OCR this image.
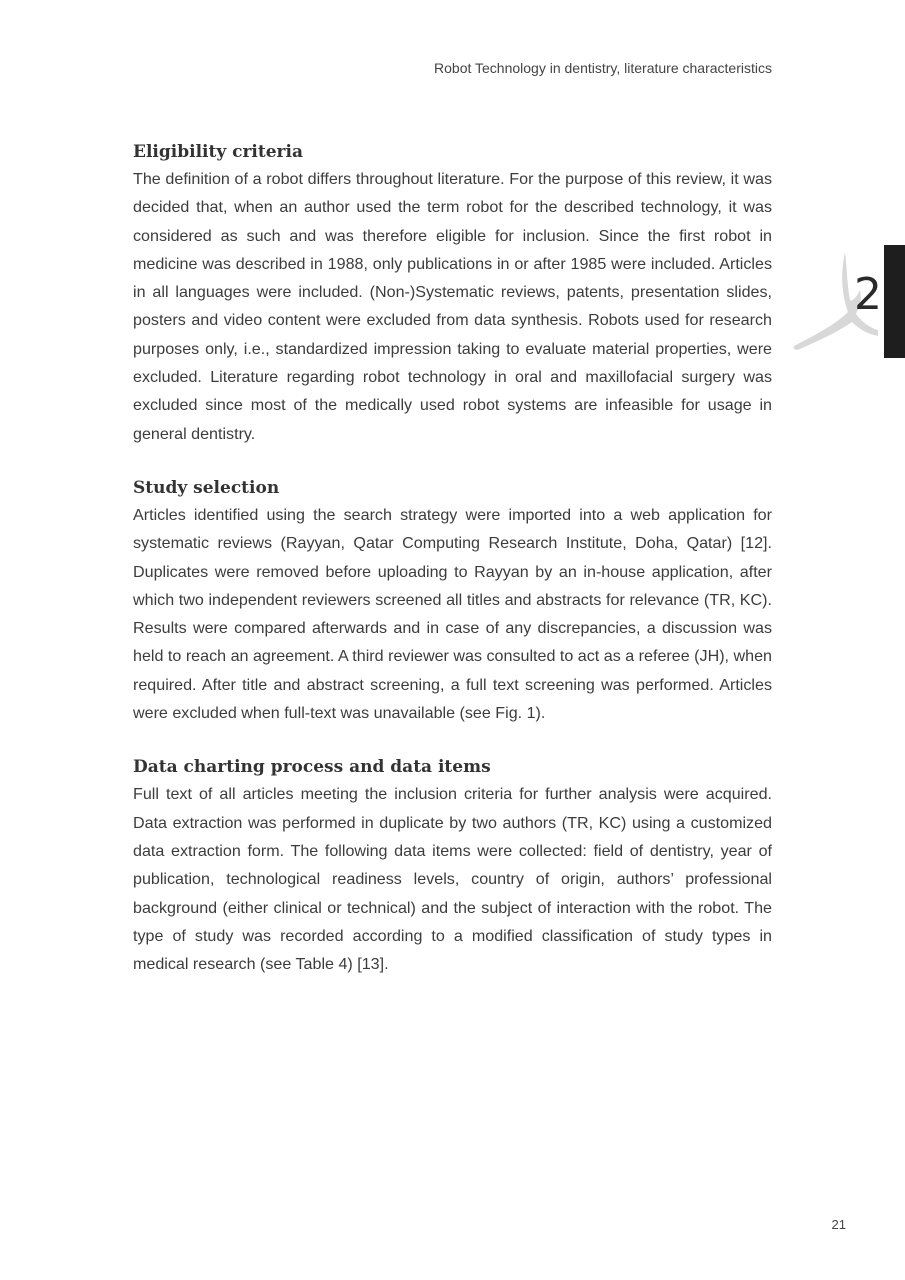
Robot Technology in dentistry, literature characteristics
2
Eligibility criteria

The definition of a robot differs throughout literature. For the purpose of this review, it was decided that, when an author used the term robot for the described technology, it was considered as such and was therefore eligible for inclusion. Since the first robot in medicine was described in 1988, only publications in or after 1985 were included. Articles in all languages were included. (Non-)Systematic reviews, patents, presentation slides, posters and video content were excluded from data synthesis. Robots used for research purposes only, i.e., standardized impression taking to evaluate material properties, were excluded. Literature regarding robot technology in oral and maxillofacial surgery was excluded since most of the medically used robot systems are infeasible for usage in general dentistry.

Study selection

Articles identified using the search strategy were imported into a web application for systematic reviews (Rayyan, Qatar Computing Research Institute, Doha, Qatar) [12]. Duplicates were removed before uploading to Rayyan by an in-house application, after which two independent reviewers screened all titles and abstracts for relevance (TR, KC). Results were compared afterwards and in case of any discrepancies, a discussion was held to reach an agreement. A third reviewer was consulted to act as a referee (JH), when required. After title and abstract screening, a full text screening was performed. Articles were excluded when full-text was unavailable (see Fig. 1).

Data charting process and data items

Full text of all articles meeting the inclusion criteria for further analysis were acquired. Data extraction was performed in duplicate by two authors (TR, KC) using a customized data extraction form. The following data items were collected: field of dentistry, year of publication, technological readiness levels, country of origin, authors’ professional background (either clinical or technical) and the subject of interaction with the robot. The type of study was recorded according to a modified classification of study types in medical research (see Table 4) [13].

21
